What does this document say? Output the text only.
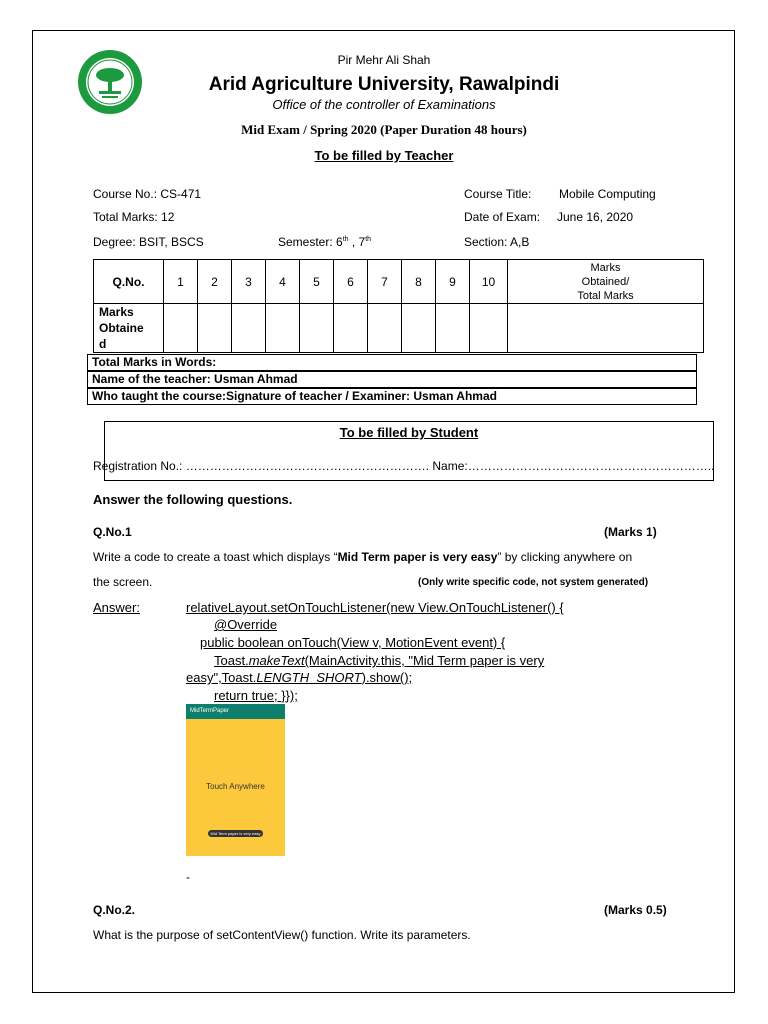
Pir Mehr Ali Shah
Arid Agriculture University, Rawalpindi
Office of the controller of Examinations
Mid Exam / Spring 2020 (Paper Duration 48 hours)
To be filled by Teacher
Course No.: CS-471
Total Marks: 12
Degree: BSIT, BSCS	Semester: 6th , 7th
Course Title: Mobile Computing
Date of Exam: June 16, 2020
Section: A,B
Q.No.	1	2	3	4	5	6	7	8	9	10	Marks
Obtained/
Total Marks

Marks
Obtaine
d											

Total Marks in Words:
Name of the teacher: Usman Ahmad
Who taught the course:Signature of teacher / Examiner: Usman Ahmad
To be filled by Student
Registration No.: ……………………………………………………. Name:……………………………………………………..
Answer the following questions.
Q.No.1	(Marks 1)
Write a code to create a toast which displays “Mid Term paper is very easy” by clicking anywhere on
the screen.	(Only write specific code, not system generated)
Answer:	relativeLayout.setOnTouchListener(new View.OnTouchListener() {
@Override
public boolean onTouch(View v, MotionEvent event) {
Toast.makeText(MainActivity.this, "Mid Term paper is very
easy",Toast.LENGTH_SHORT).show();
return true; }});
MidTermPaper
Touch Anywhere
Mid Term paper is very easy
-
Q.No.2.	(Marks 0.5)
What is the purpose of setContentView() function. Write its parameters.
